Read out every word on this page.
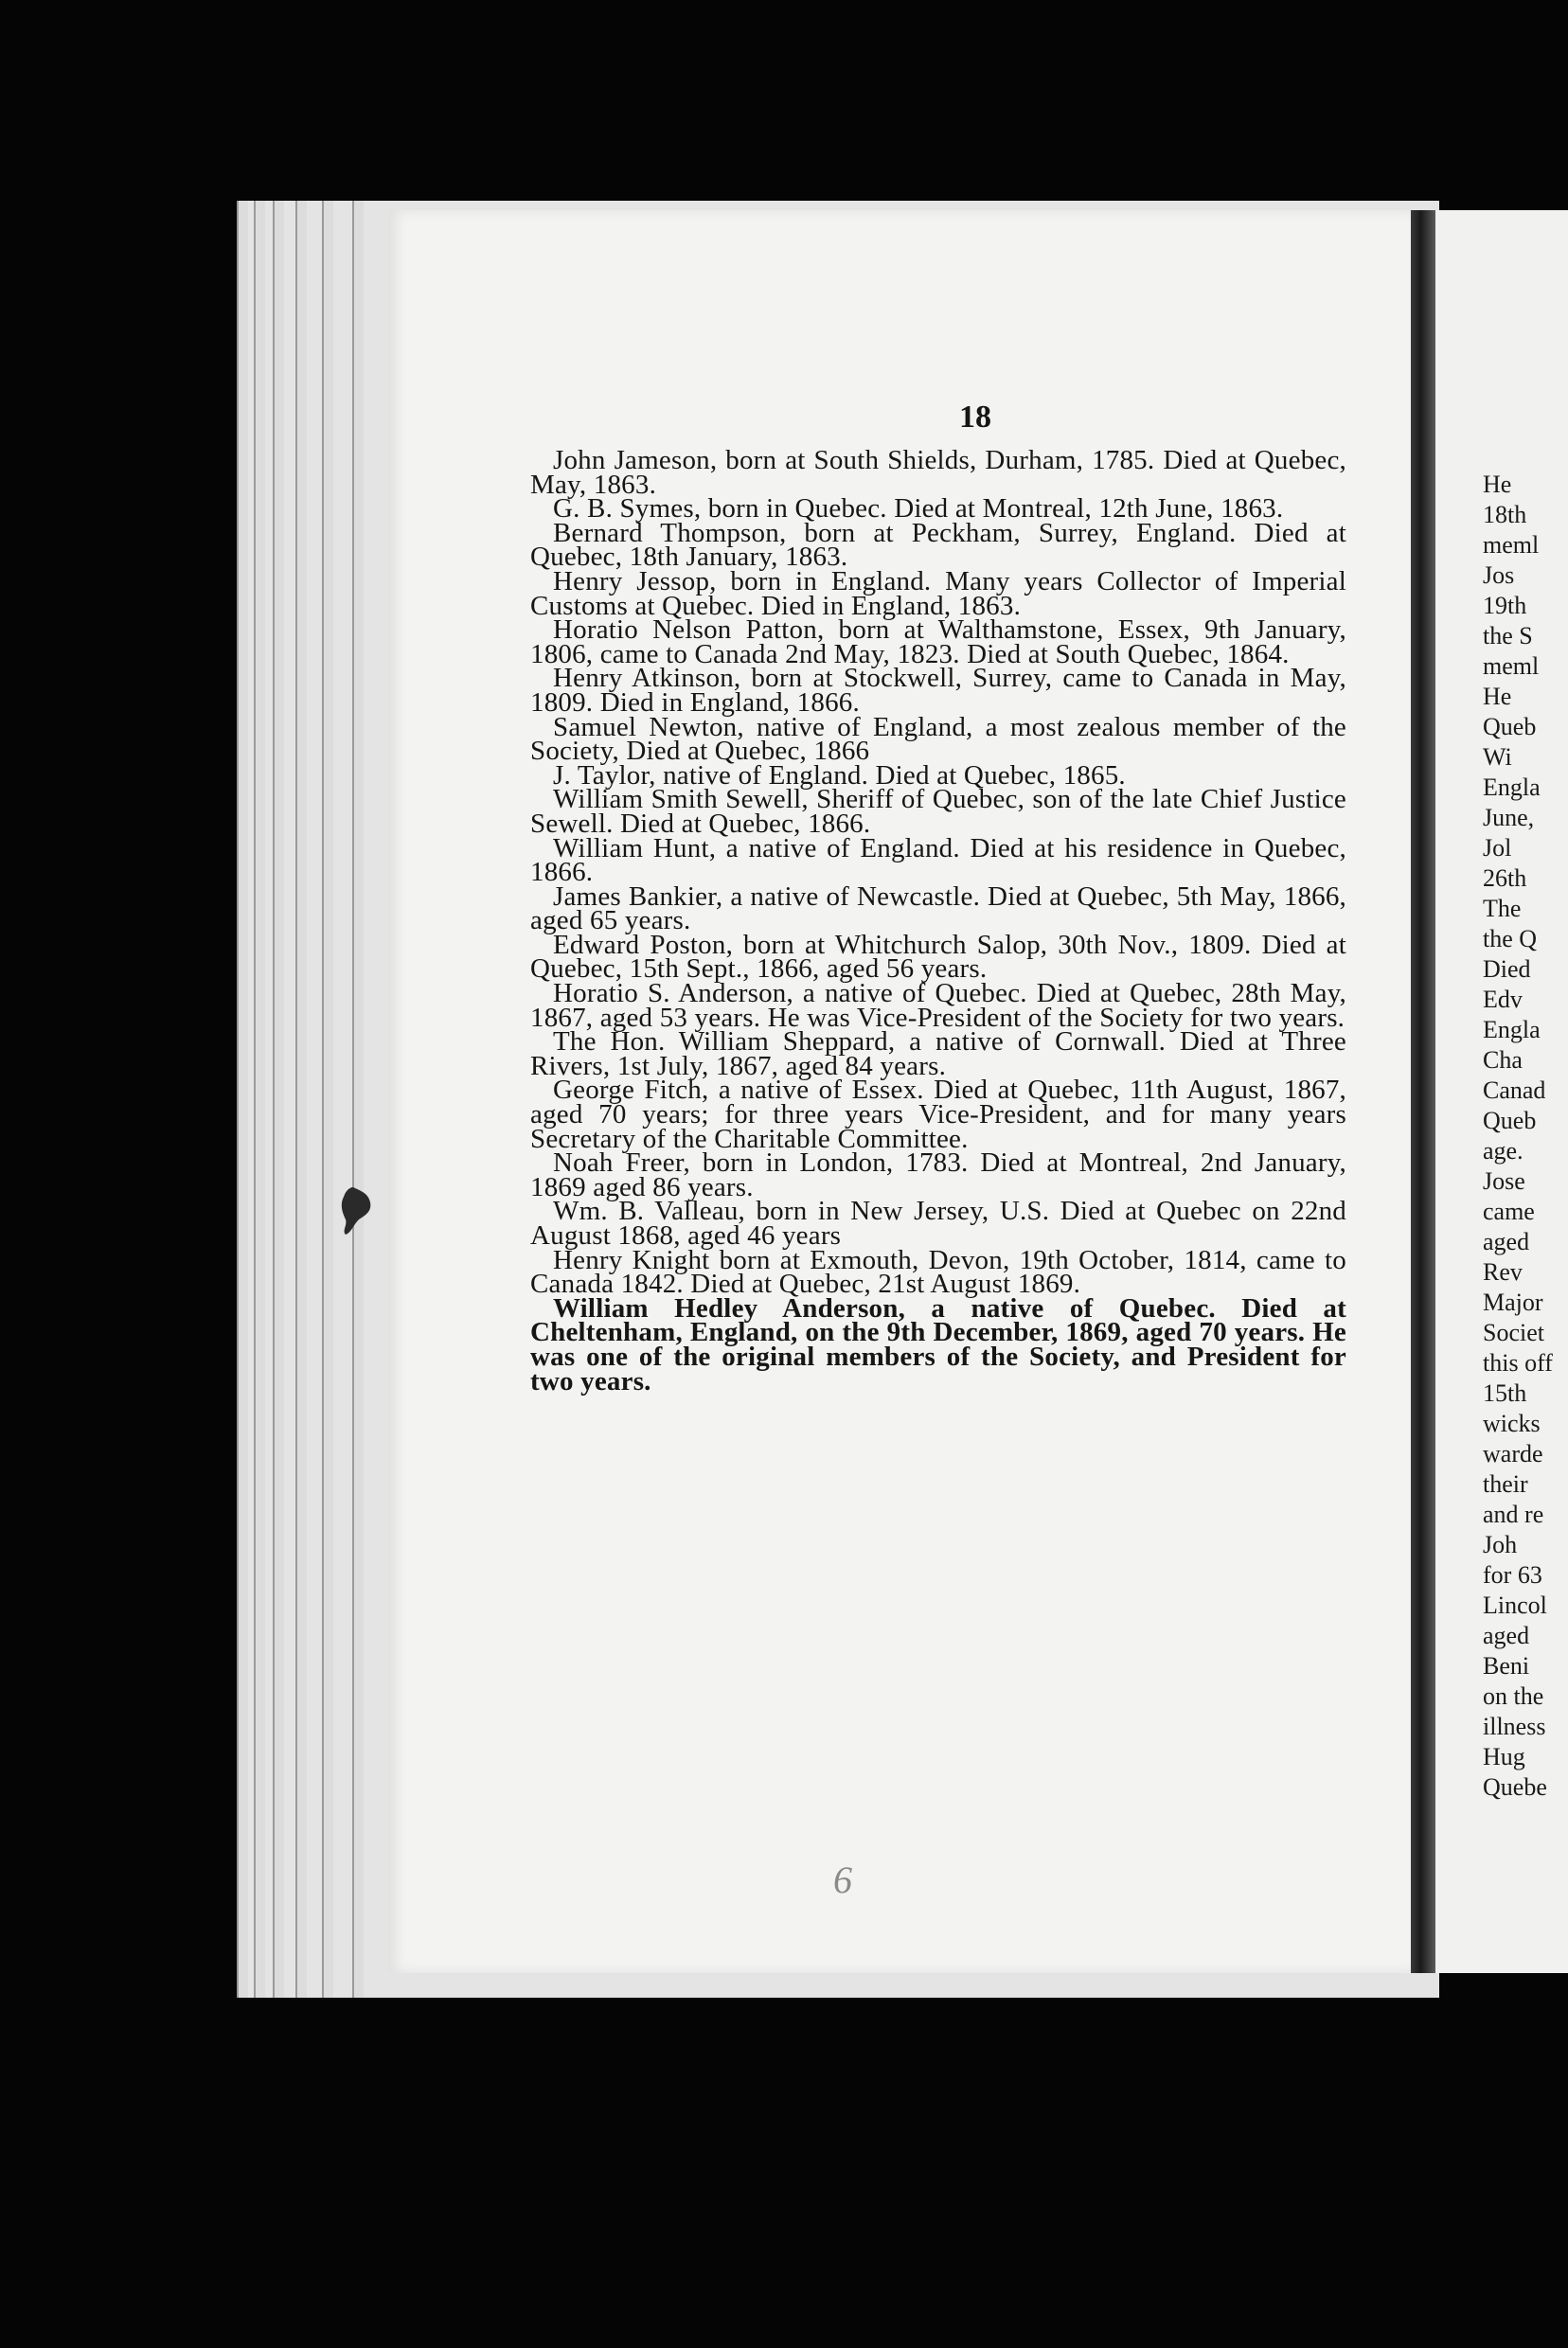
18

John Jameson, born at South Shields, Durham, 1785. Died at Quebec, May, 1863.

G. B. Symes, born in Quebec. Died at Montreal, 12th June, 1863.

Bernard Thompson, born at Peckham, Surrey, England. Died at Quebec, 18th January, 1863.

Henry Jessop, born in England. Many years Collector of Imperial Customs at Quebec. Died in England, 1863.

Horatio Nelson Patton, born at Walthamstone, Essex, 9th January, 1806, came to Canada 2nd May, 1823. Died at South Quebec, 1864.

Henry Atkinson, born at Stockwell, Surrey, came to Canada in May, 1809. Died in England, 1866.

Samuel Newton, native of England, a most zealous member of the Society, Died at Quebec, 1866

J. Taylor, native of England. Died at Quebec, 1865.

William Smith Sewell, Sheriff of Quebec, son of the late Chief Justice Sewell. Died at Quebec, 1866.

William Hunt, a native of England. Died at his residence in Quebec, 1866.

James Bankier, a native of Newcastle. Died at Quebec, 5th May, 1866, aged 65 years.

Edward Poston, born at Whitchurch Salop, 30th Nov., 1809. Died at Quebec, 15th Sept., 1866, aged 56 years.

Horatio S. Anderson, a native of Quebec. Died at Quebec, 28th May, 1867, aged 53 years. He was Vice-President of the Society for two years.

The Hon. William Sheppard, a native of Cornwall. Died at Three Rivers, 1st July, 1867, aged 84 years.

George Fitch, a native of Essex. Died at Quebec, 11th August, 1867, aged 70 years; for three years Vice-President, and for many years Secretary of the Charitable Committee.

Noah Freer, born in London, 1783. Died at Montreal, 2nd January, 1869 aged 86 years.

Wm. B. Valleau, born in New Jersey, U.S. Died at Quebec on 22nd August 1868, aged 46 years

Henry Knight born at Exmouth, Devon, 19th October, 1814, came to Canada 1842. Died at Quebec, 21st August 1869.

William Hedley Anderson, a native of Quebec. Died at Cheltenham, England, on the 9th December, 1869, aged 70 years. He was one of the original members of the Society, and President for two years.

He
18th
meml
Jos
19th
the S
meml
He
Queb
Wi
Engla
June,
Jol
26th
The
the Q
Died
Edv
Engla
Cha
Canad
Queb
age.
Jose
came
aged
Rev
Major
Societ
this off
15th
wicks
warde
their
and re
Joh
for 63
Lincol
aged
Beni
on the
illness
Hug
Quebe
6
